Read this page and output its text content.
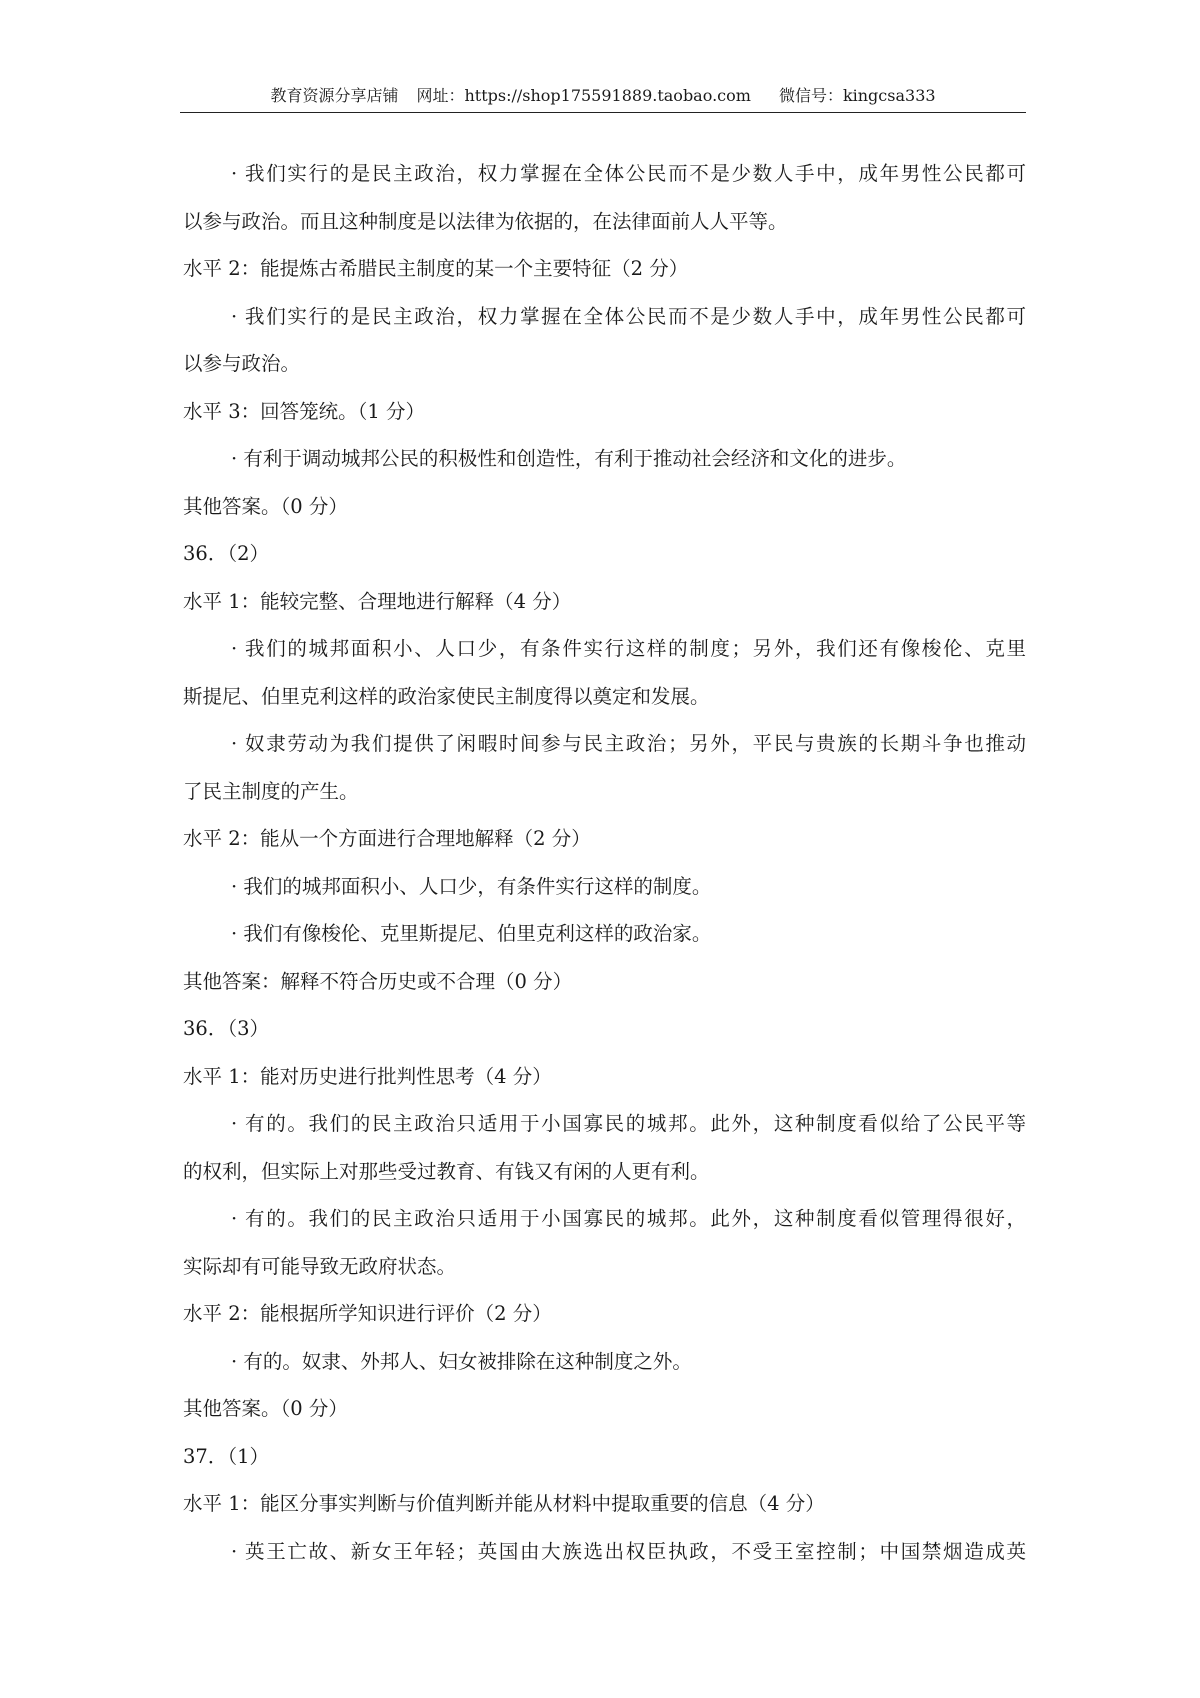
教育资源分享店铺 网址：https://shop175591889.taobao.com 微信号：kingcsa333
· 我们实行的是民主政治，权力掌握在全体公民而不是少数人手中，成年男性公民都可
以参与政治。而且这种制度是以法律为依据的，在法律面前人人平等。
水平 2：能提炼古希腊民主制度的某一个主要特征（2 分）
· 我们实行的是民主政治，权力掌握在全体公民而不是少数人手中，成年男性公民都可
以参与政治。
水平 3：回答笼统。（1 分）
· 有利于调动城邦公民的积极性和创造性，有利于推动社会经济和文化的进步。
其他答案。（0 分）
36．（2）
水平 1：能较完整、合理地进行解释（4 分）
· 我们的城邦面积小、人口少，有条件实行这样的制度；另外，我们还有像梭伦、克里
斯提尼、伯里克利这样的政治家使民主制度得以奠定和发展。
· 奴隶劳动为我们提供了闲暇时间参与民主政治；另外，平民与贵族的长期斗争也推动
了民主制度的产生。
水平 2：能从一个方面进行合理地解释（2 分）
· 我们的城邦面积小、人口少，有条件实行这样的制度。
· 我们有像梭伦、克里斯提尼、伯里克利这样的政治家。
其他答案：解释不符合历史或不合理（0 分）
36．（3）
水平 1：能对历史进行批判性思考（4 分）
· 有的。我们的民主政治只适用于小国寡民的城邦。此外，这种制度看似给了公民平等
的权利，但实际上对那些受过教育、有钱又有闲的人更有利。
· 有的。我们的民主政治只适用于小国寡民的城邦。此外，这种制度看似管理得很好，
实际却有可能导致无政府状态。
水平 2：能根据所学知识进行评价（2 分）
· 有的。奴隶、外邦人、妇女被排除在这种制度之外。
其他答案。（0 分）
37．（1）
水平 1：能区分事实判断与价值判断并能从材料中提取重要的信息（4 分）
· 英王亡故、新女王年轻；英国由大族选出权臣执政，不受王室控制；中国禁烟造成英
